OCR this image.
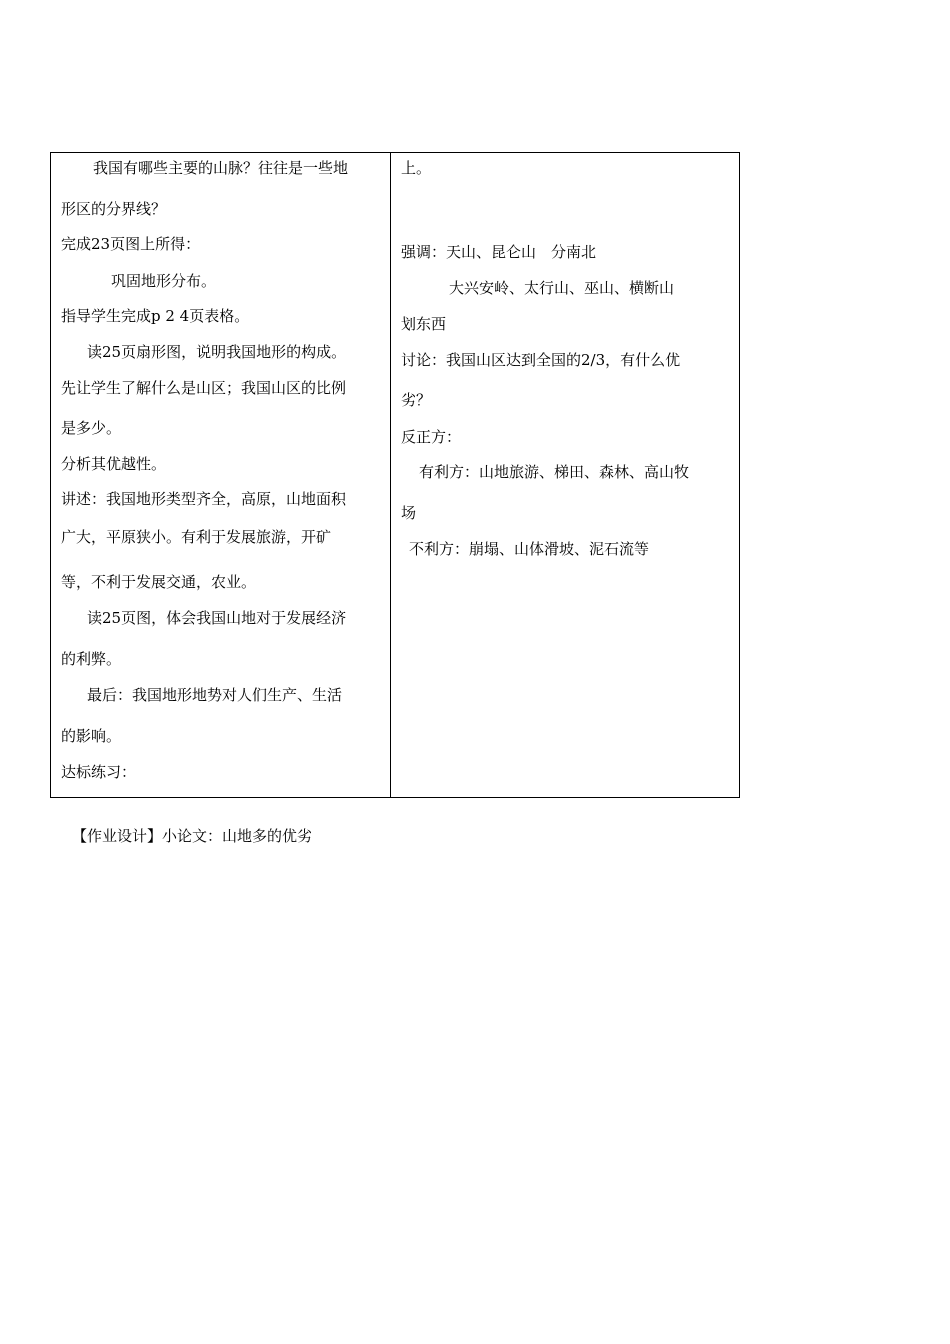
我国有哪些主要的山脉？往往是一些地
形区的分界线？
完成23页图上所得：
巩固地形分布。
指导学生完成p 2 4页表格。
读25页扇形图，说明我国地形的构成。
先让学生了解什么是山区；我国山区的比例
是多少。
分析其优越性。
讲述：我国地形类型齐全，高原，山地面积
广大，平原狭小。有利于发展旅游，开矿
等，不利于发展交通，农业。
读25页图，体会我国山地对于发展经济
的利弊。
最后：我国地形地势对人们生产、生活
的影响。
达标练习：
上。
强调：天山、昆仑山　分南北
大兴安岭、太行山、巫山、横断山
划东西
讨论：我国山区达到全国的2/3，有什么优
劣？
反正方：
有利方：山地旅游、梯田、森林、高山牧
场
不利方：崩塌、山体滑坡、泥石流等
【作业设计】小论文：山地多的优劣
